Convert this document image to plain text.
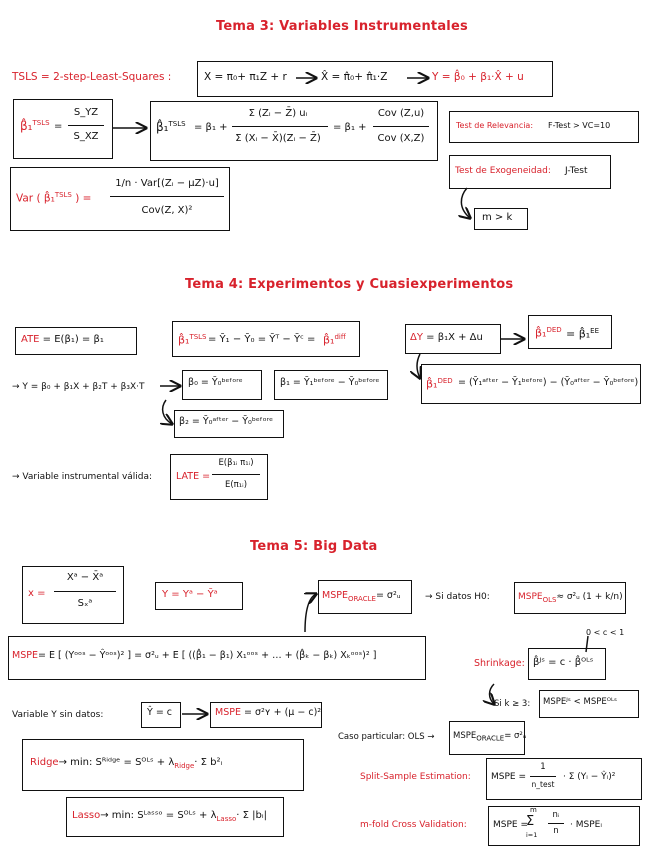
Tema 3: Variables Instrumentales
TSLS = 2-step-Least-Squares :	X = π₀+ π₁Z + r	X̂ = π̂₀+ π̂₁·Z	Y = β̂₀ + β₁·X̂ + u
β̂₁$^{TSLS}$ =
S_YZ
S_XZ
β̂₁$^{TSLS}$ = β₁ +
Σ (Zᵢ − Z̄) uᵢ
Σ (Xᵢ − X̄)(Zᵢ − Z̄)
= β₁ +
Cov (Z,u)
Cov (X,Z)
Test de Relevancia: F-Test > VC=10
Test de Exogeneidad: J-Test
m > k
Var ( β̂₁$^{TSLS}$ ) =
1/n · Var[(Zᵢ − μZ)·u]
Cov(Z, X)²
Tema 4: Experimentos y Cuasiexperimentos
ATE = E(β₁) = β₁	β̂₁$^{TSLS}$ = Ȳ₁ − Ȳ₀ = Ȳᵀ − Ȳᶜ = β̂₁$^{diff}$	ΔY = β₁X + Δu	β̂₁$^{DED}$ = β̂₁$^{EE}$
β̂₁$^{DED}$ = (Ȳ₁ᵃᶠᵗᵉʳ − Ȳ₁ᵇᵉᶠᵒʳᵉ) − (Ȳ₀ᵃᶠᵗᵉʳ − Ȳ₀ᵇᵉᶠᵒʳᵉ)
→ Y = β₀ + β₁X + β₂T + β₃X·T	β₀ = Ȳ₀ᵇᵉᶠᵒʳᵉ	β₁ = Ȳ₁ᵇᵉᶠᵒʳᵉ − Ȳ₀ᵇᵉᶠᵒʳᵉ
β₂ = Ȳ₀ᵃᶠᵗᵉʳ − Ȳ₀ᵇᵉᶠᵒʳᵉ
→ Variable instrumental válida:	LATE =
E(β₁ᵢ π₁ᵢ)
E(π₁ᵢ)
Tema 5: Big Data
x =
Xᵃ − X̄ᵃ
Sₓᵃ
Y = Yᵃ − Ȳᵃ	$MSPE_{ORACLE}=$ σ²ᵤ	→ Si datos H0:	$MSPE_{OLS}\approx$ σ²ᵤ (1 + k/n)
MSPE= E [ (Yᵒᵒˢ − Ŷᵒᵒˢ)² ] = σ²ᵤ + E [ ((β̂₁ − β₁) X₁ᵒᵒˢ + … + (β̂ₖ − βₖ) Xₖᵒᵒˢ)² ]
0 < c < 1
Shrinkage: β̂ᴶˢ = c · β̂ᴼᴸˢ
Si k ≥ 3: MSPEᴶˢ < MSPEᴼᴸˢ
Variable Y sin datos:	Ŷ = c	MSPE = σ²ʏ + (μ − c)²
Caso particular: OLS → $MSPE_{ORACLE}=$ σ²ᵤ
Ridge→ min: Sᴿⁱᵈᵍᵉ = Sᴼᴸˢ + $\lambda_{Ridge}\cdot \Sigma$ b²ᵢ
Lasso→ min: Sᴸᵃˢˢᵒ = Sᴼᴸˢ + $\lambda_{Lasso}\cdot \Sigma$ |bᵢ|
Split-Sample Estimation: MSPE =
1
n_test
· Σ (Yᵢ − Ŷᵢ)²
m-fold Cross Validation:	MSPE =
m
Σ
i=1
nᵢ
n
· MSPEᵢ
